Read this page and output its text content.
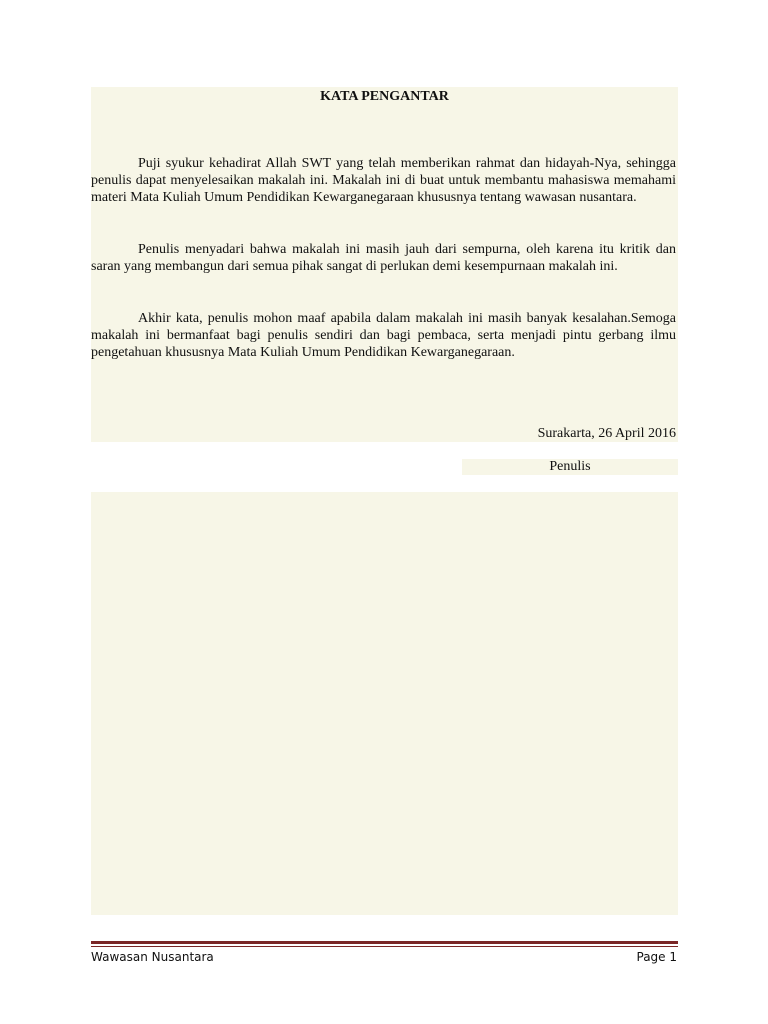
KATA PENGANTAR

Puji syukur kehadirat Allah SWT yang telah memberikan rahmat dan hidayah-Nya, sehingga penulis dapat menyelesaikan makalah ini. Makalah ini di buat untuk membantu mahasiswa memahami materi Mata Kuliah Umum Pendidikan Kewarganegaraan khususnya tentang wawasan nusantara.

Penulis menyadari bahwa makalah ini masih jauh dari sempurna, oleh karena itu kritik dan saran yang membangun dari semua pihak sangat di perlukan demi kesempurnaan makalah ini.

Akhir kata, penulis mohon maaf apabila dalam makalah ini masih banyak kesalahan.Semoga makalah ini bermanfaat bagi penulis sendiri dan bagi pembaca, serta menjadi pintu gerbang ilmu pengetahuan khususnya Mata Kuliah Umum Pendidikan Kewarganegaraan.

Surakarta, 26 April 2016

Penulis

Wawasan Nusantara	Page 1
